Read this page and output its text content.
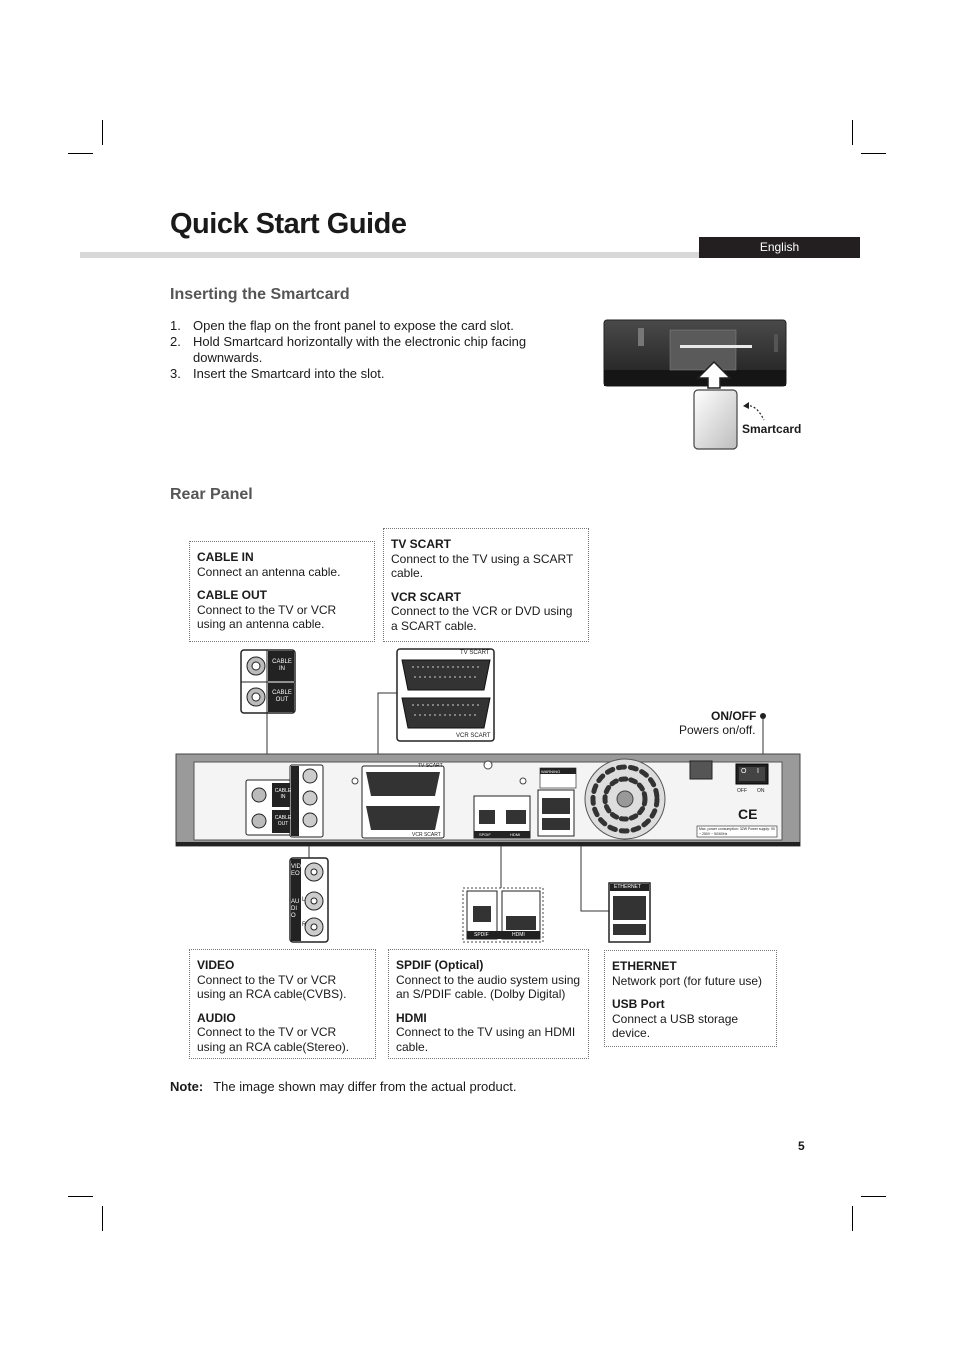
Quick Start Guide
English
Inserting the Smartcard
1. Open the flap on the front panel to expose the card slot.
2. Hold Smartcard horizontally with the electronic chip facing downwards.
3. Insert the Smartcard into the slot.
Smartcard
Rear Panel
CABLE IN
Connect an antenna cable.
CABLE OUT
Connect to the TV or VCR using an antenna cable.
TV SCART
Connect to the TV using a SCART cable.
VCR SCART
Connect to the VCR or DVD using a SCART cable.
ON/OFF
Powers on/off.
CABLE IN
CABLE OUT
TV SCART
VCR SCART
TV SCART
VCR SCART
CABLE IN
CABLE OUT
VIDEO
AUDIO
L
R
SPDIF	HDMI
SPDIF	HDMI
ETHERNET
WARNING	O I
OFF ON
CE
Max. power consumption: 32W Power supply: 90 ~ 250V ~ 50/60Hz
VIDEO
Connect to the TV or VCR using an RCA cable(CVBS).
AUDIO
Connect to the TV or VCR using an RCA cable(Stereo).
SPDIF (Optical)
Connect to the audio system using an S/PDIF cable. (Dolby Digital)
HDMI
Connect to the TV using an HDMI cable.
ETHERNET
Network port (for future use)
USB Port
Connect a USB storage device.
Note: The image shown may differ from the actual product.
5
